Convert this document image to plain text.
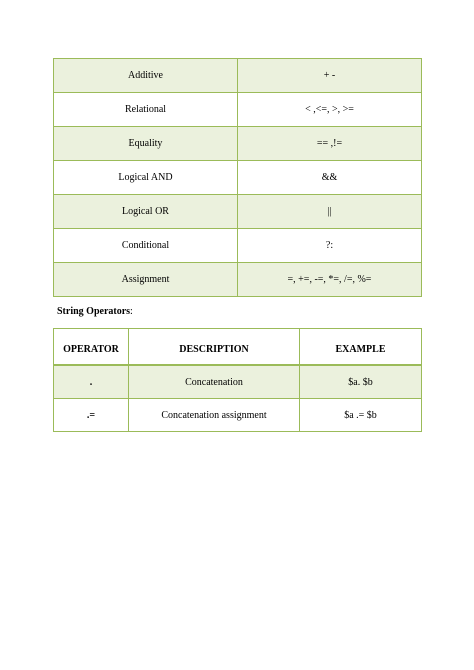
Additive	+ -
Relational	< ,<=, >, >=
Equality	== ,!=
Logical AND	&&
Logical OR	||
Conditional	?:
Assignment	=, +=, -=, *=, /=, %=
String Operators:
OPERATOR	DESCRIPTION	EXAMPLE
.	Concatenation	$a. $b
.=	Concatenation assignment	$a .= $b
